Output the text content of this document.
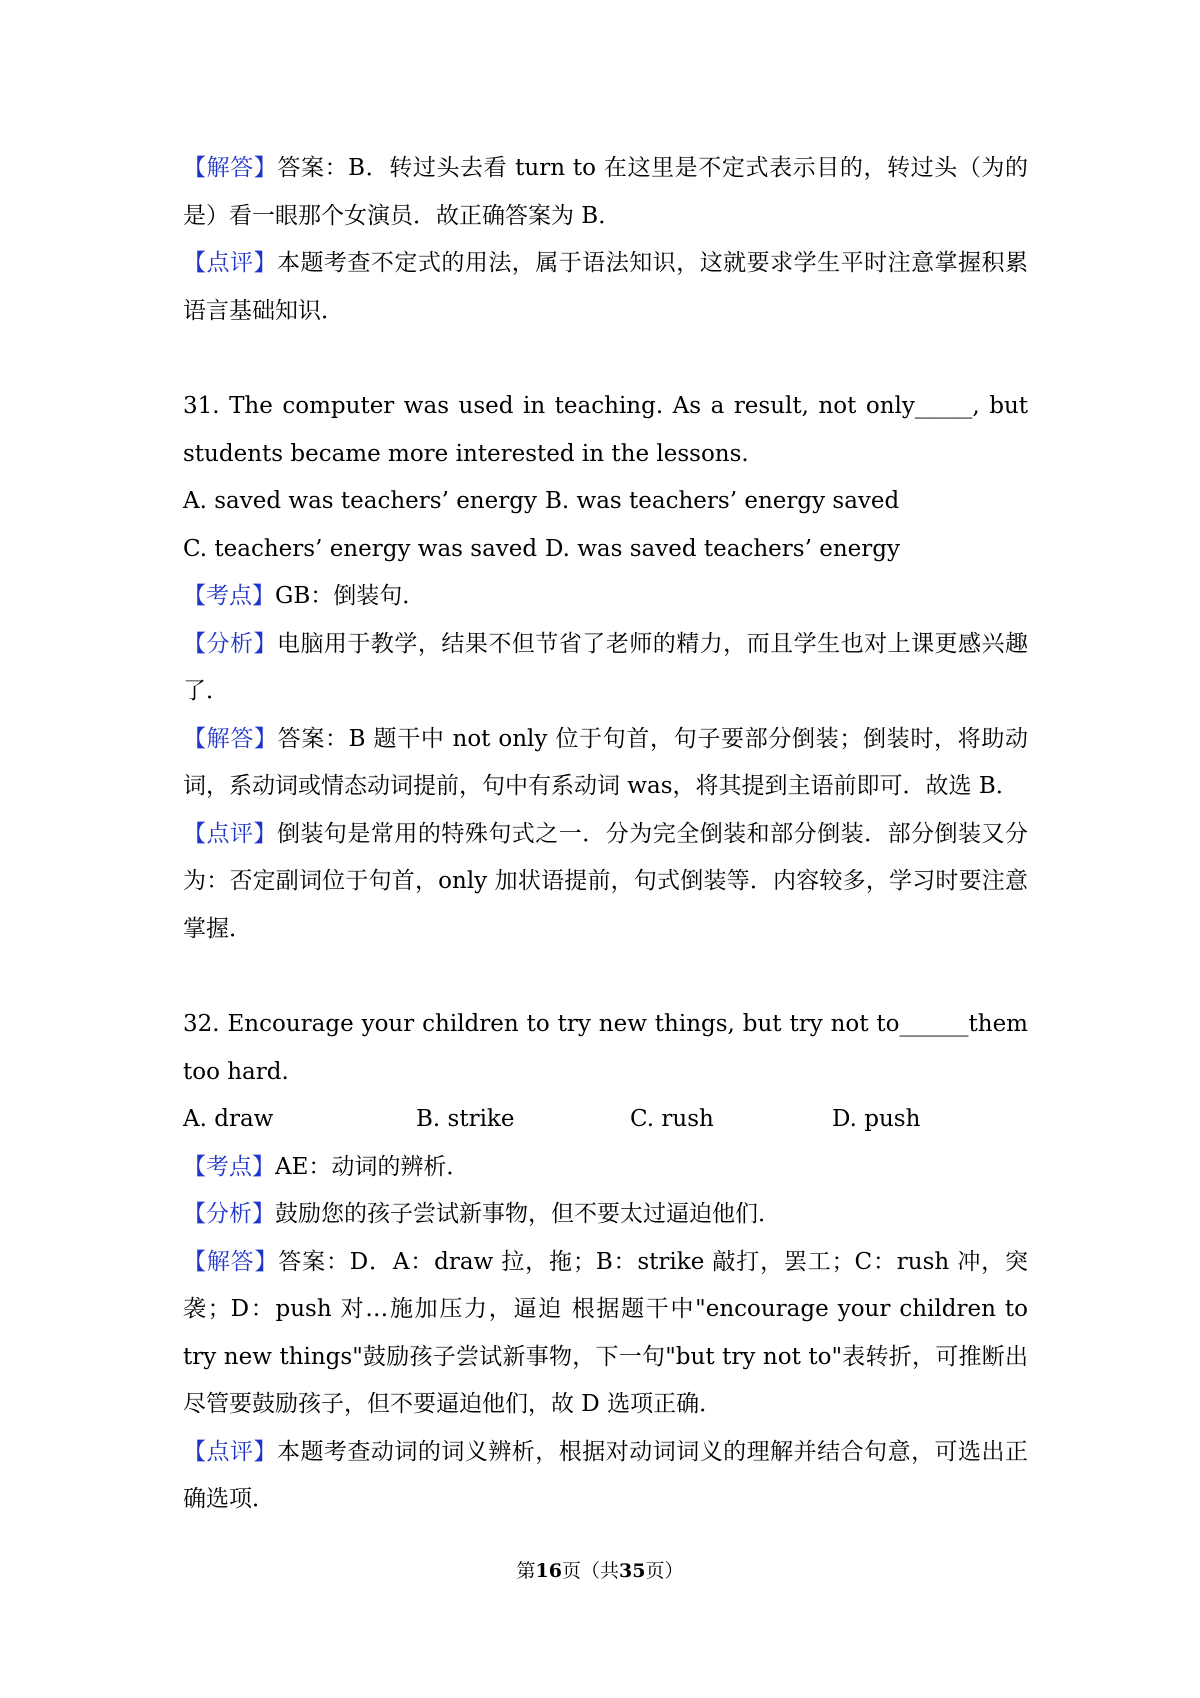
【解答】答案：B．转过头去看 turn to 在这里是不定式表示目的，转过头（为的是）看一眼那个女演员．故正确答案为 B．

【点评】本题考查不定式的用法，属于语法知识，这就要求学生平时注意掌握积累语言基础知识．

31. The computer was used in teaching. As a result, not only_____, but students became more interested in the lessons.

A. saved was teachers’ energy B. was teachers’ energy saved
C. teachers’ energy was saved D. was saved teachers’ energy

【考点】GB：倒装句．

【分析】电脑用于教学，结果不但节省了老师的精力，而且学生也对上课更感兴趣了．

【解答】答案：B 题干中 not only 位于句首，句子要部分倒装；倒装时，将助动词，系动词或情态动词提前，句中有系动词 was，将其提到主语前即可．故选 B．

【点评】倒装句是常用的特殊句式之一．分为完全倒装和部分倒装．部分倒装又分为：否定副词位于句首，only 加状语提前，句式倒装等．内容较多，学习时要注意掌握．

32. Encourage your children to try new things, but try not to______them too hard.

A. draw	B. strike	C. rush	D. push

【考点】AE：动词的辨析．

【分析】鼓励您的孩子尝试新事物，但不要太过逼迫他们．

【解答】答案：D．A：draw 拉，拖；B：strike 敲打，罢工；C：rush 冲，突袭；D：push 对…施加压力，逼迫 根据题干中"encourage your children to try new things"鼓励孩子尝试新事物，下一句"but try not to"表转折，可推断出尽管要鼓励孩子，但不要逼迫他们，故 D 选项正确．

【点评】本题考查动词的词义辨析，根据对动词词义的理解并结合句意，可选出正确选项．

第16页（共35页）
